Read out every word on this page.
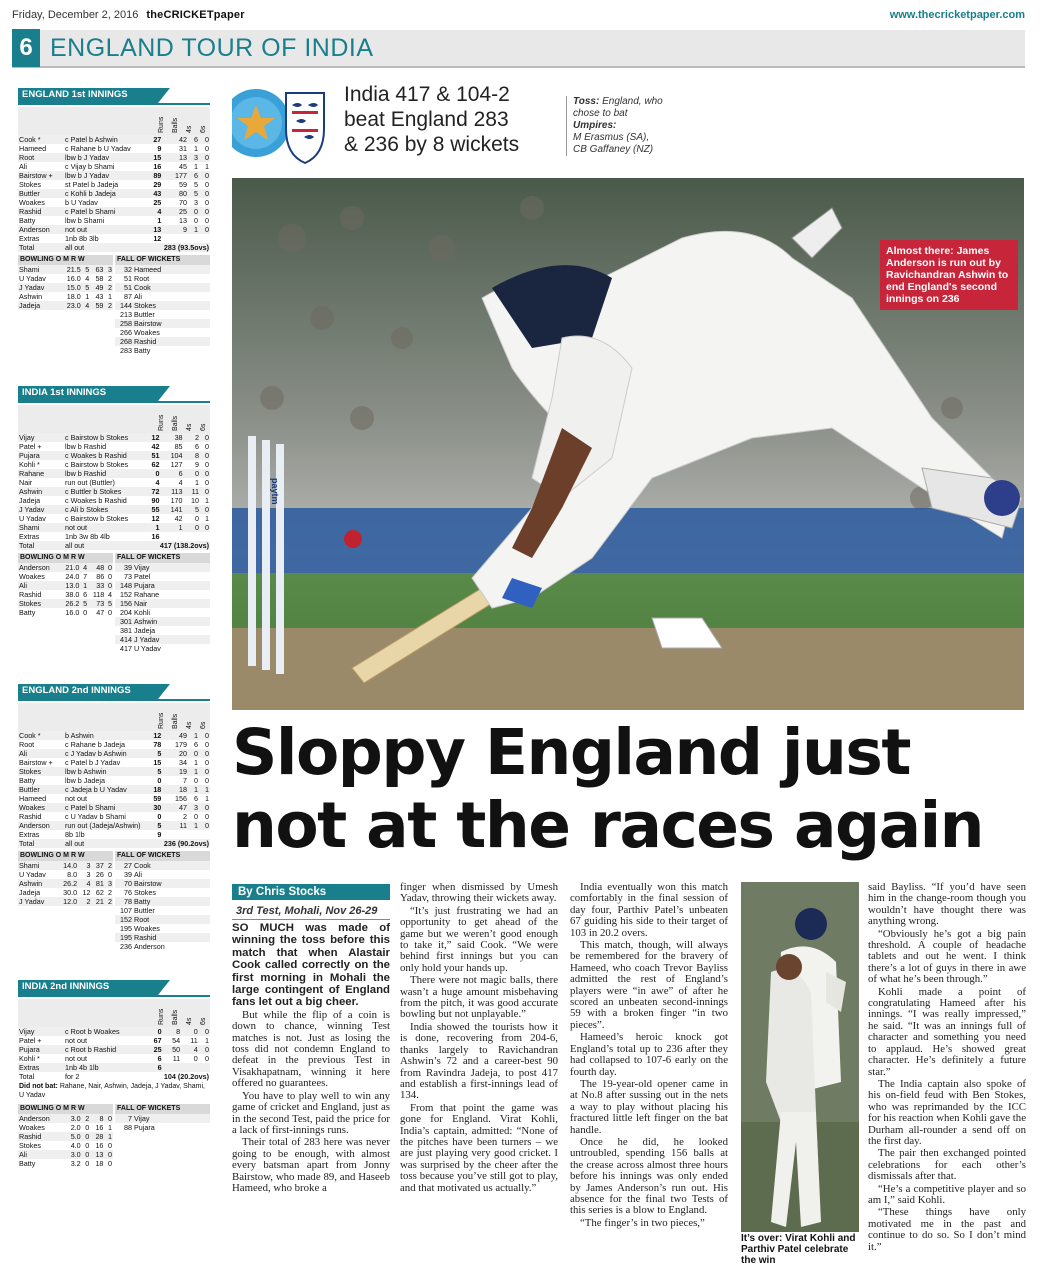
Friday, December 2, 2016 theCRICKETpaper	www.thecricketpaper.com
6 ENGLAND TOUR OF INDIA
ENGLAND 1st INNINGS
Runs Balls 4s 6s
Cook *	c Patel b Ashwin	27	42	6	0
Hameed	c Rahane b U Yadav	9	31	1	0
Root	lbw b J Yadav	15	13	3	0
Ali	c Vijay b Shami	16	45	1	1
Bairstow +	lbw b J Yadav	89	177	6	0
Stokes	st Patel b Jadeja	29	59	5	0
Buttler	c Kohli b Jadeja	43	80	5	0
Woakes	b U Yadav	25	70	3	0
Rashid	c Patel b Shami	4	25	0	0
Batty	lbw b Shami	1	13	0	0
Anderson	not out	13	9	1	0
Extras	1nb 8b 3lb	12			
Total	all out	283 (93.5ovs)			
BOWLING O M R W
Shami	21.5	5	63	3
U Yadav	16.0	4	58	2
J Yadav	15.0	5	49	2
Ashwin	18.0	1	43	1
Jadeja	23.0	4	59	2
FALL OF WICKETS
32	Hameed
51	Root
51	Cook
87	Ali
144	Stokes
213	Buttler
258	Bairstow
266	Woakes
268	Rashid
283	Batty
INDIA 1st INNINGS
Runs Balls 4s 6s
Vijay	c Bairstow b Stokes	12	38	2	0
Patel +	lbw b Rashid	42	85	6	0
Pujara	c Woakes b Rashid	51	104	8	0
Kohli *	c Bairstow b Stokes	62	127	9	0
Rahane	lbw b Rashid	0	6	0	0
Nair	run out (Buttler)	4	4	1	0
Ashwin	c Buttler b Stokes	72	113	11	0
Jadeja	c Woakes b Rashid	90	170	10	1
J Yadav	c Ali b Stokes	55	141	5	0
U Yadav	c Bairstow b Stokes	12	42	0	1
Shami	not out	1	1	0	0
Extras	1nb 3w 8b 4lb	16			
Total	all out	417 (138.2ovs)			
BOWLING O M R W
Anderson	21.0	4	48	0
Woakes	24.0	7	86	0
Ali	13.0	1	33	0
Rashid	38.0	6	118	4
Stokes	26.2	5	73	5
Batty	16.0	0	47	0
FALL OF WICKETS
39	Vijay
73	Patel
148	Pujara
152	Rahane
156	Nair
204	Kohli
301	Ashwin
381	Jadeja
414	J Yadav
417	U Yadav
ENGLAND 2nd INNINGS
Runs Balls 4s 6s
Cook *	b Ashwin	12	49	1	0
Root	c Rahane b Jadeja	78	179	6	0
Ali	c J Yadav b Ashwin	5	20	0	0
Bairstow +	c Patel b J Yadav	15	34	1	0
Stokes	lbw b Ashwin	5	19	1	0
Batty	lbw b Jadeja	0	7	0	0
Buttler	c Jadeja b U Yadav	18	18	1	1
Hameed	not out	59	156	6	1
Woakes	c Patel b Shami	30	47	3	0
Rashid	c U Yadav b Shami	0	2	0	0
Anderson	run out (Jadeja/Ashwin)	5	11	1	0
Extras	8b 1lb	9			
Total	all out	236 (90.2ovs)			
BOWLING O M R W
Shami	14.0	3	37	2
U Yadav	8.0	3	26	0
Ashwin	26.2	4	81	3
Jadeja	30.0	12	62	2
J Yadav	12.0	2	21	2
FALL OF WICKETS
27	Cook
39	Ali
70	Bairstow
76	Stokes
78	Batty
107	Buttler
152	Root
195	Woakes
195	Rashid
236	Anderson
INDIA 2nd INNINGS
Runs Balls 4s 6s
Vijay	c Root b Woakes	0	8	0	0
Patel +	not out	67	54	11	1
Pujara	c Root b Rashid	25	50	4	0
Kohli *	not out	6	11	0	0
Extras	1nb 4b 1lb	6			
Total	for 2	104 (20.2ovs)			
Did not bat: Rahane, Nair, Ashwin, Jadeja, J Yadav, Shami, U Yadav
BOWLING O M R W
Anderson	3.0	2	8	0
Woakes	2.0	0	16	1
Rashid	5.0	0	28	1
Stokes	4.0	0	16	0
Ali	3.0	0	13	0
Batty	3.2	0	18	0
FALL OF WICKETS
7	Vijay
88	Pujara
India 417 & 104-2
beat England 283
& 236 by 8 wickets
Toss: England, who chose to bat
Umpires:
M Erasmus (SA),
CB Gaffaney (NZ)
paytm
Almost there: James Anderson is run out by Ravichandran Ashwin to end England's second innings on 236
Sloppy England just
not at the races again
By Chris Stocks
3rd Test, Mohali, Nov 26-29

SO MUCH was made of winning the toss before this match that when Alastair Cook called correctly on the first morning in Mohali the large contingent of England fans let out a big cheer.

But while the flip of a coin is down to chance, winning Test matches is not. Just as losing the toss did not condemn England to defeat in the previous Test in Visakhapatnam, winning it here offered no guarantees.

You have to play well to win any game of cricket and England, just as in the second Test, paid the price for a lack of first-innings runs.

Their total of 283 here was never going to be enough, with almost every batsman apart from Jonny Bairstow, who made 89, and Haseeb Hameed, who broke a

finger when dismissed by Umesh Yadav, throwing their wickets away.

“It’s just frustrating we had an opportunity to get ahead of the game but we weren’t good enough to take it,” said Cook. “We were behind first innings but you can only hold your hands up.

There were not magic balls, there wasn’t a huge amount misbehaving from the pitch, it was good accurate bowling but not unplayable.”

India showed the tourists how it is done, recovering from 204-6, thanks largely to Ravichandran Ashwin’s 72 and a career-best 90 from Ravindra Jadeja, to post 417 and establish a first-innings lead of 134.

From that point the game was gone for England. Virat Kohli, India’s captain, admitted: “None of the pitches have been turners – we are just playing very good cricket. I was surprised by the cheer after the toss because you’ve still got to play, and that motivated us actually.”

India eventually won this match comfortably in the final session of day four, Parthiv Patel’s unbeaten 67 guiding his side to their target of 103 in 20.2 overs.

This match, though, will always be remembered for the bravery of Hameed, who coach Trevor Bayliss admitted the rest of England’s players were “in awe” of after he scored an unbeaten second-innings 59 with a broken finger “in two pieces”.

Hameed’s heroic knock got England’s total up to 236 after they had collapsed to 107-6 early on the fourth day.

The 19-year-old opener came in at No.8 after sussing out in the nets a way to play without placing his fractured little left finger on the bat handle.

Once he did, he looked untroubled, spending 156 balls at the crease across almost three hours before his innings was only ended by James Anderson’s run out. His absence for the final two Tests of this series is a blow to England.

“The finger’s in two pieces,”

It’s over: Virat Kohli and Parthiv Patel celebrate the win

said Bayliss. “If you’d have seen him in the change-room though you wouldn’t have thought there was anything wrong.

“Obviously he’s got a big pain threshold. A couple of headache tablets and out he went. I think there’s a lot of guys in there in awe of what he’s been through.”

Kohli made a point of congratulating Hameed after his innings. “I was really impressed,” he said. “It was an innings full of character and something you need to applaud. He’s showed great character. He’s definitely a future star.”

The India captain also spoke of his on-field feud with Ben Stokes, who was reprimanded by the ICC for his reaction when Kohli gave the Durham all-rounder a send off on the first day.

The pair then exchanged pointed celebrations for each other’s dismissals after that.

“He’s a competitive player and so am I,” said Kohli.

“These things have only motivated me in the past and continue to do so. So I don’t mind it.”
